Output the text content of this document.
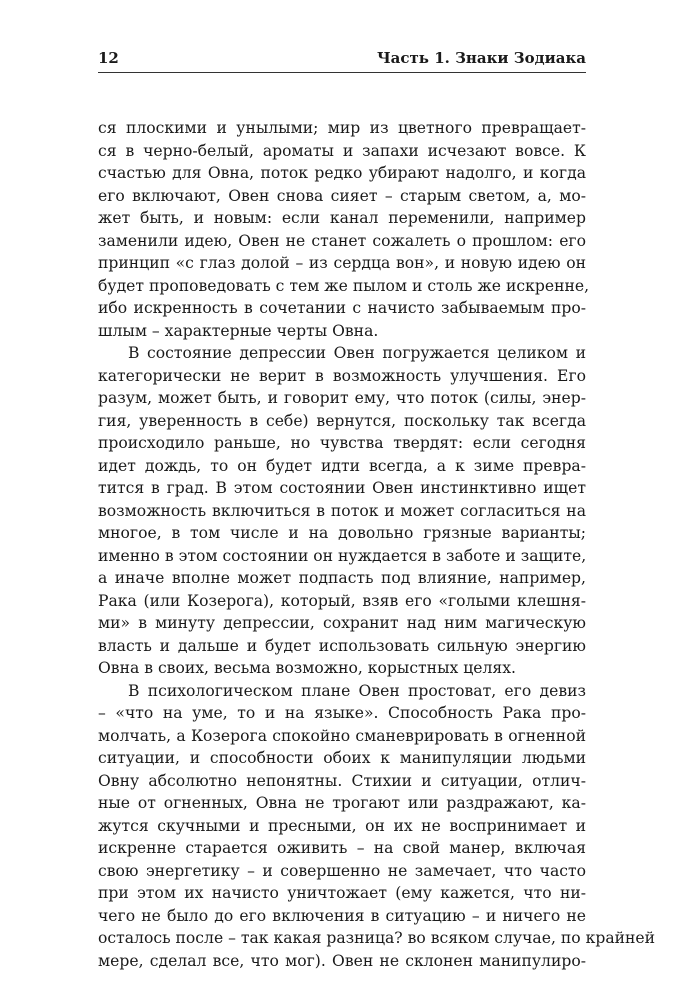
12	Часть 1. Знаки Зодиака
ся плоскими и унылыми; мир из цветного превращает-
ся в черно-белый, ароматы и запахи исчезают вовсе. К
счастью для Овна, поток редко убирают надолго, и когда
его включают, Овен снова сияет – старым светом, а, мо-
жет быть, и новым: если канал переменили, например
заменили идею, Овен не станет сожалеть о прошлом: его
принцип «с глаз долой – из сердца вон», и новую идею он
будет проповедовать с тем же пылом и столь же искренне,
ибо искренность в сочетании с начисто забываемым про-
шлым – характерные черты Овна.
В состояние депрессии Овен погружается целиком и
категорически не верит в возможность улучшения. Его
разум, может быть, и говорит ему, что поток (силы, энер-
гия, уверенность в себе) вернутся, поскольку так всегда
происходило раньше, но чувства твердят: если сегодня
идет дождь, то он будет идти всегда, а к зиме превра-
тится в град. В этом состоянии Овен инстинктивно ищет
возможность включиться в поток и может согласиться на
многое, в том числе и на довольно грязные варианты;
именно в этом состоянии он нуждается в заботе и защите,
а иначе вполне может подпасть под влияние, например,
Рака (или Козерога), который, взяв его «голыми клешня-
ми» в минуту депрессии, сохранит над ним магическую
власть и дальше и будет использовать сильную энергию
Овна в своих, весьма возможно, корыстных целях.
В психологическом плане Овен простоват, его девиз
– «что на уме, то и на языке». Способность Рака про-
молчать, а Козерога спокойно сманеврировать в огненной
ситуации, и способности обоих к манипуляции людьми
Овну абсолютно непонятны. Стихии и ситуации, отлич-
ные от огненных, Овна не трогают или раздражают, ка-
жутся скучными и пресными, он их не воспринимает и
искренне старается оживить – на свой манер, включая
свою энергетику – и совершенно не замечает, что часто
при этом их начисто уничтожает (ему кажется, что ни-
чего не было до его включения в ситуацию – и ничего не
осталось после – так какая разница? во всяком случае, по крайней
мере, сделал все, что мог). Овен не склонен манипулиро-
